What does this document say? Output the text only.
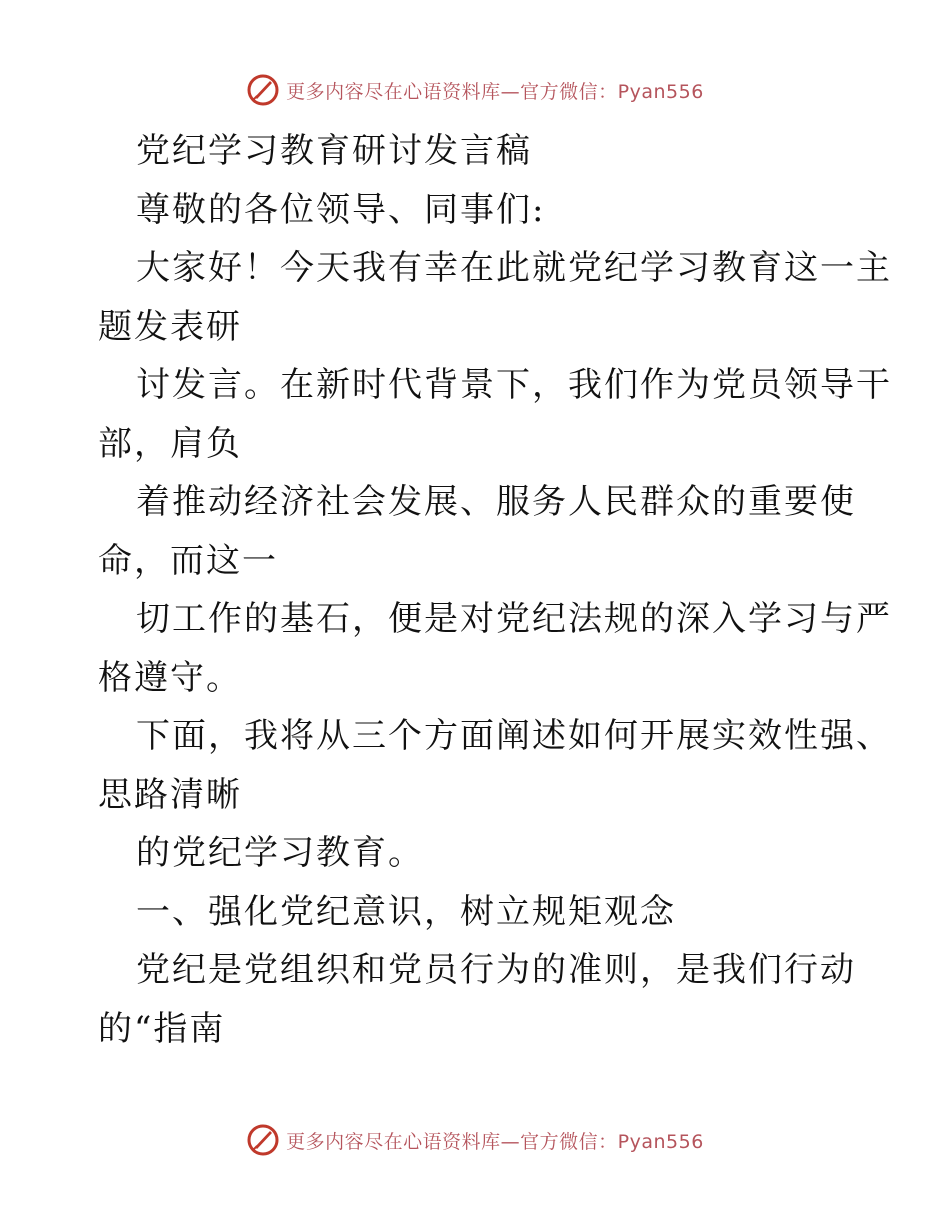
更多内容尽在心语资料库—官方微信：Pyan556
党纪学习教育研讨发言稿
尊敬的各位领导、同事们:
大家好！今天我有幸在此就党纪学习教育这一主
题发表研
讨发言。在新时代背景下，我们作为党员领导干
部，肩负
着推动经济社会发展、服务人民群众的重要使
命，而这一
切工作的基石，便是对党纪法规的深入学习与严
格遵守。
下面，我将从三个方面阐述如何开展实效性强、
思路清晰
的党纪学习教育。
一、强化党纪意识，树立规矩观念
党纪是党组织和党员行为的准则，是我们行动
的“指南
更多内容尽在心语资料库—官方微信：Pyan556
